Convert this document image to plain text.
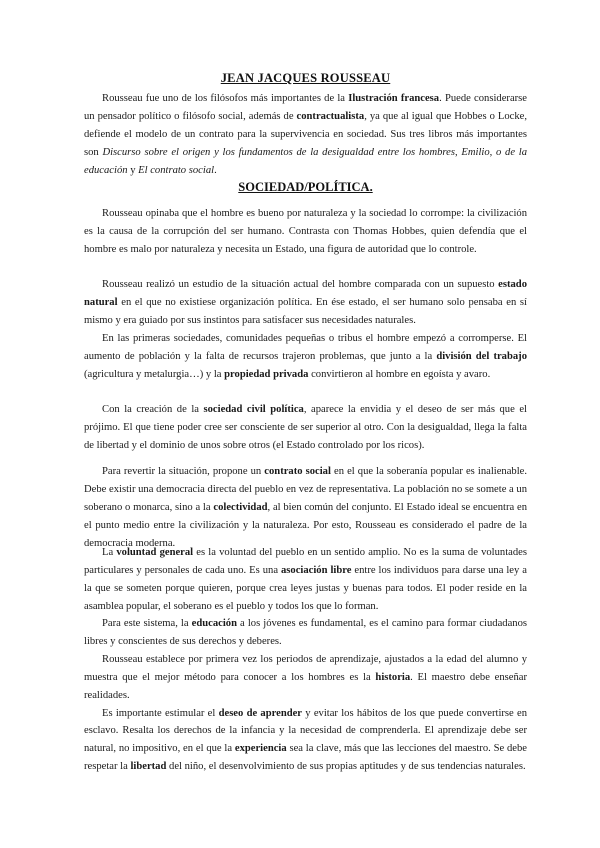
JEAN JACQUES ROUSSEAU

Rousseau fue uno de los filósofos más importantes de la Ilustración francesa. Puede considerarse un pensador político o filósofo social, además de contractualista, ya que al igual que Hobbes o Locke, defiende el modelo de un contrato para la supervivencia en sociedad. Sus tres libros más importantes son Discurso sobre el origen y los fundamentos de la desigualdad entre los hombres, Emilio, o de la educación y El contrato social.

SOCIEDAD/POLÍTICA.

Rousseau opinaba que el hombre es bueno por naturaleza y la sociedad lo corrompe: la civilización es la causa de la corrupción del ser humano. Contrasta con Thomas Hobbes, quien defendía que el hombre es malo por naturaleza y necesita un Estado, una figura de autoridad que lo controle.

Rousseau realizó un estudio de la situación actual del hombre comparada con un supuesto estado natural en el que no existiese organización política. En ése estado, el ser humano solo pensaba en sí mismo y era guiado por sus instintos para satisfacer sus necesidades naturales.

En las primeras sociedades, comunidades pequeñas o tribus el hombre empezó a corromperse. El aumento de población y la falta de recursos trajeron problemas, que junto a la división del trabajo (agricultura y metalurgia…) y la propiedad privada convirtieron al hombre en egoísta y avaro.

Con la creación de la sociedad civil política, aparece la envidia y el deseo de ser más que el prójimo. El que tiene poder cree ser consciente de ser superior al otro. Con la desigualdad, llega la falta de libertad y el dominio de unos sobre otros (el Estado controlado por los ricos).

Para revertir la situación, propone un contrato social en el que la soberanía popular es inalienable. Debe existir una democracia directa del pueblo en vez de representativa. La población no se somete a un soberano o monarca, sino a la colectividad, al bien común del conjunto. El Estado ideal se encuentra en el punto medio entre la civilización y la naturaleza. Por esto, Rousseau es considerado el padre de la democracia moderna.

La voluntad general es la voluntad del pueblo en un sentido amplio. No es la suma de voluntades particulares y personales de cada uno. Es una asociación libre entre los individuos para darse una ley a la que se someten porque quieren, porque crea leyes justas y buenas para todos. El poder reside en la asamblea popular, el soberano es el pueblo y todos los que lo forman.

Para este sistema, la educación a los jóvenes es fundamental, es el camino para formar ciudadanos libres y conscientes de sus derechos y deberes.

Rousseau establece por primera vez los periodos de aprendizaje, ajustados a la edad del alumno y muestra que el mejor método para conocer a los hombres es la historia. El maestro debe enseñar realidades.

Es importante estimular el deseo de aprender y evitar los hábitos de los que puede convertirse en esclavo. Resalta los derechos de la infancia y la necesidad de comprenderla. El aprendizaje debe ser natural, no impositivo, en el que la experiencia sea la clave, más que las lecciones del maestro. Se debe respetar la libertad del niño, el desenvolvimiento de sus propias aptitudes y de sus tendencias naturales.
